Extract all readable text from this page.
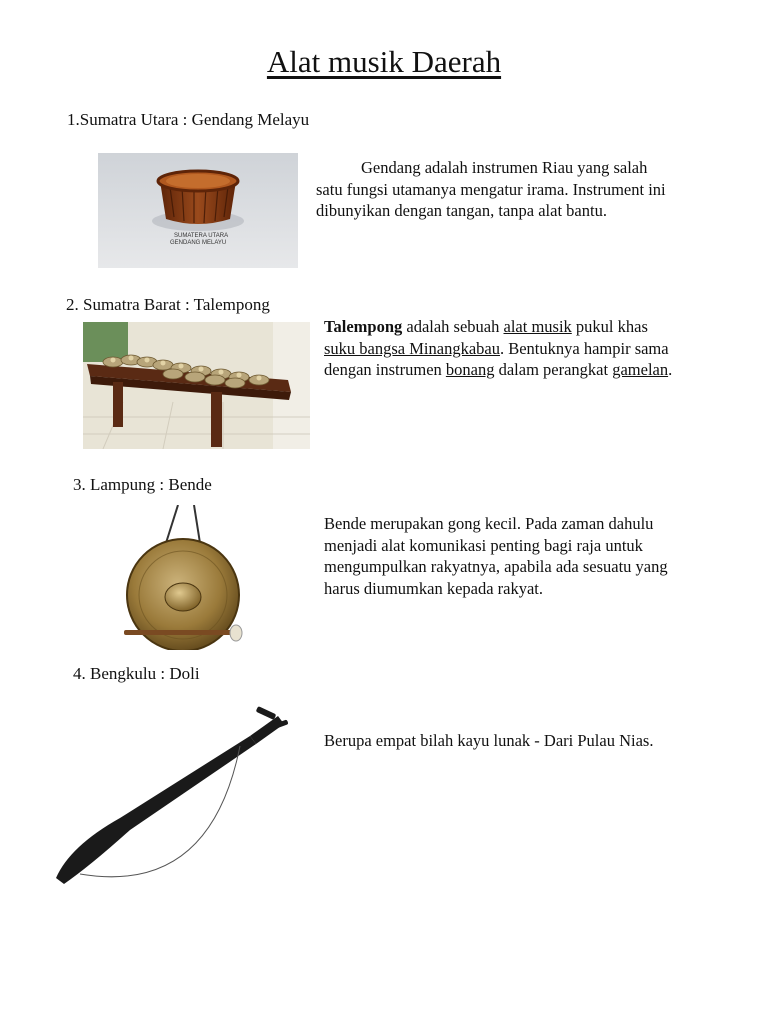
Alat musik Daerah
1.Sumatra Utara : Gendang Melayu
SUMATERA UTARA
GENDANG MELAYU
Gendang adalah instrumen Riau yang salah satu fungsi utamanya mengatur irama. Instrument ini dibunyikan dengan tangan, tanpa alat bantu.
2. Sumatra Barat : Talempong
Talempong adalah sebuah alat musik pukul khas suku bangsa Minangkabau. Bentuknya hampir sama dengan instrumen bonang dalam perangkat gamelan.
3. Lampung : Bende
Bende merupakan gong kecil. Pada zaman dahulu menjadi alat komunikasi penting bagi raja untuk mengumpulkan rakyatnya, apabila ada sesuatu yang harus diumumkan kepada rakyat.
4. Bengkulu : Doli
Berupa empat bilah kayu lunak - Dari Pulau Nias.
